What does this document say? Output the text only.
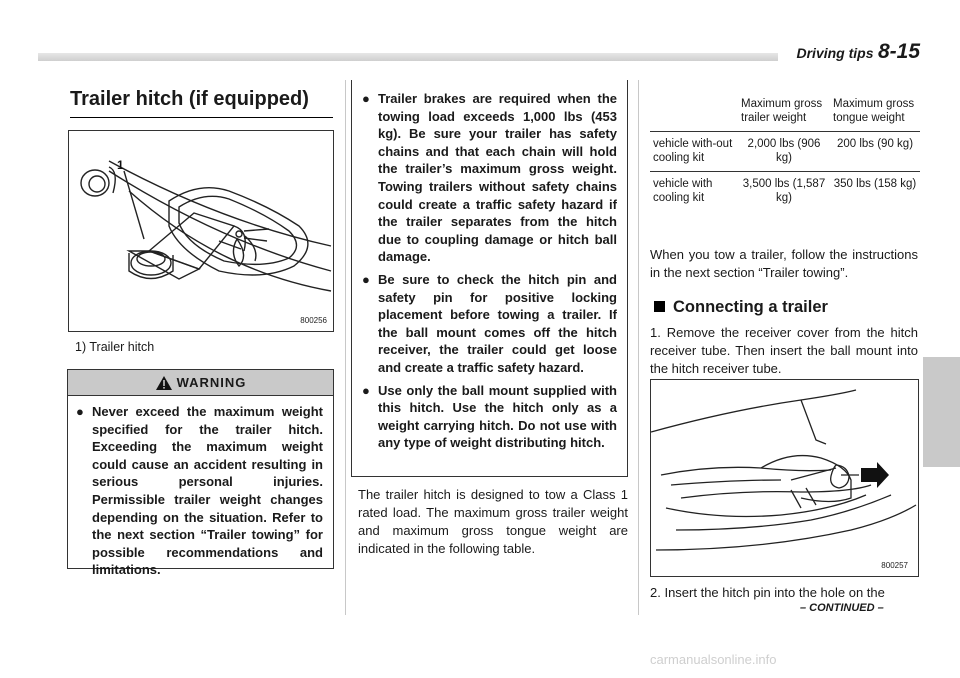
Driving tips 8-15
Trailer hitch (if equipped)
1
800256
1) Trailer hitch
WARNING
● Never exceed the maximum weight specified for the trailer hitch. Exceeding the maximum weight could cause an accident resulting in serious personal injuries. Permissible trailer weight changes depending on the situation. Refer to the next section “Trailer towing” for possible recommendations and limitations.
● Trailer brakes are required when the towing load exceeds 1,000 lbs (453 kg). Be sure your trailer has safety chains and that each chain will hold the trailer’s maximum gross weight. Towing trailers without safety chains could create a traffic safety hazard if the trailer separates from the hitch due to coupling damage or hitch ball damage.
● Be sure to check the hitch pin and safety pin for positive locking placement before towing a trailer. If the ball mount comes off the hitch receiver, the trailer could get loose and create a traffic safety hazard.
● Use only the ball mount supplied with this hitch. Use the hitch only as a weight carrying hitch. Do not use with any type of weight distributing hitch.
The trailer hitch is designed to tow a Class 1 rated load. The maximum gross trailer weight and maximum gross tongue weight are indicated in the following table.
	Maximum gross trailer weight	Maximum gross tongue weight
vehicle with-out cooling kit	2,000 lbs (906 kg)	200 lbs (90 kg)
vehicle with cooling kit	3,500 lbs (1,587 kg)	350 lbs (158 kg)
When you tow a trailer, follow the instructions in the next section “Trailer towing”.
Connecting a trailer
1. Remove the receiver cover from the hitch receiver tube. Then insert the ball mount into the hitch receiver tube.
800257
2. Insert the hitch pin into the hole on the
– CONTINUED –
carmanualsonline.info
